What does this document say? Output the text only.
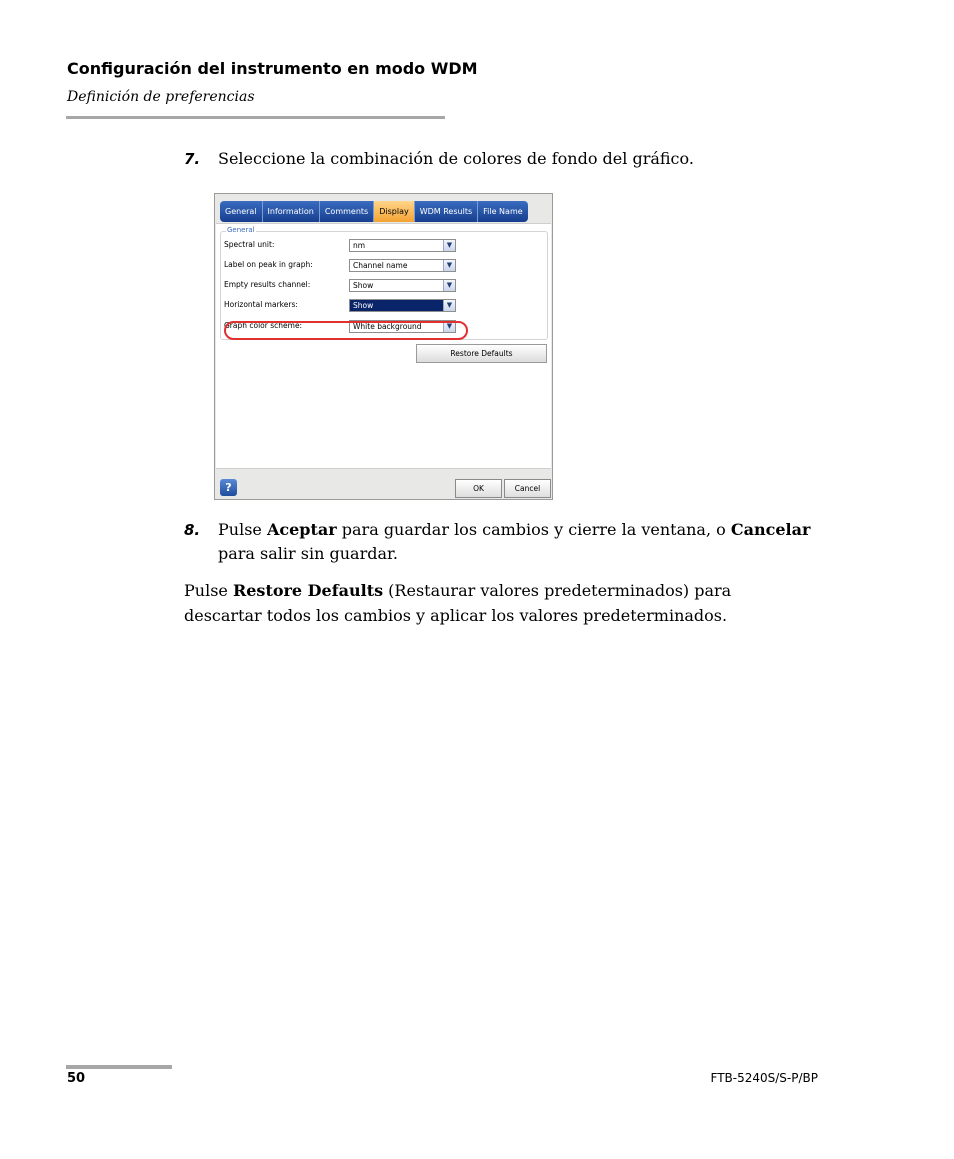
Configuración del instrumento en modo WDM
Definición de preferencias
7. Seleccione la combinación de colores de fondo del gráfico.
General	Information	Comments	Display	WDM Results	File Name
General
Spectral unit:	nm	▼
Label on peak in graph:	Channel name	▼
Empty results channel:	Show	▼
Horizontal markers:	Show	▼
Graph color scheme:	White background	▼
Restore Defaults
?	OK	Cancel
8. Pulse Aceptar para guardar los cambios y cierre la ventana, o Cancelar
para salir sin guardar.
Pulse Restore Defaults (Restaurar valores predeterminados) para
descartar todos los cambios y aplicar los valores predeterminados.
50	FTB-5240S/S-P/BP
